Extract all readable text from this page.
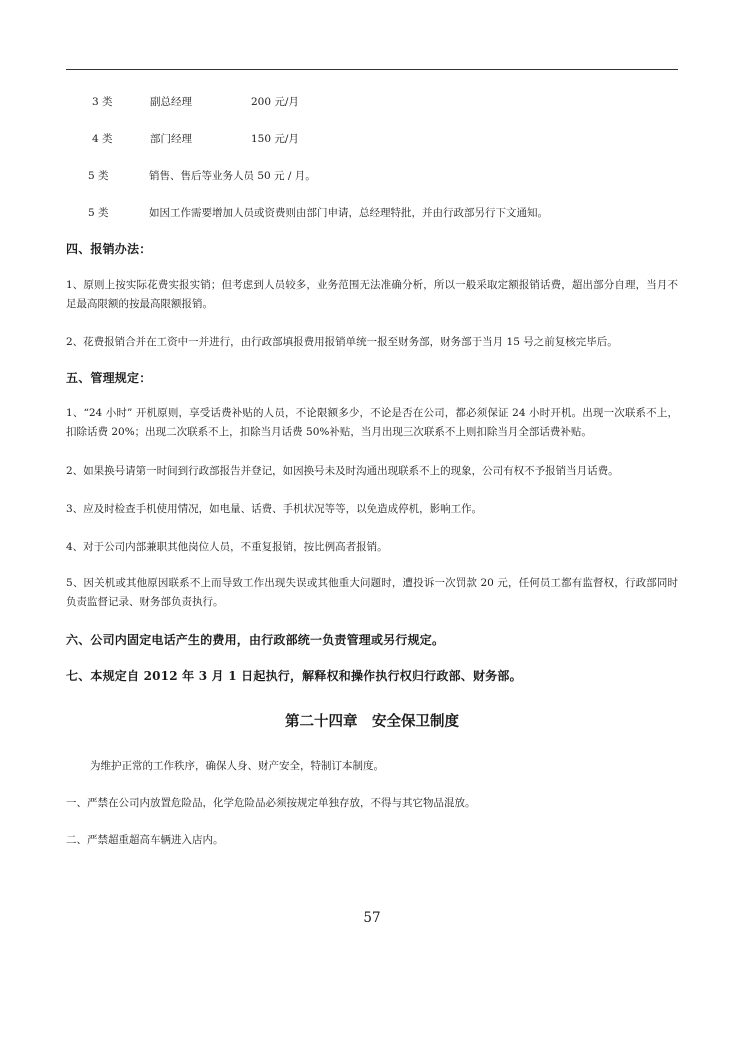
3 类	副总经理	200 元/月
4 类	部门经理	150 元/月
5 类	销售、售后等业务人员 50 元 / 月。
5 类	如因工作需要增加人员或资费则由部门申请，总经理特批，并由行政部另行下文通知。
四、报销办法：
1、原则上按实际花费实报实销；但考虑到人员较多，业务范围无法准确分析，所以一般采取定额报销话费，超出部分自理，当月不足最高限额的按最高限额报销。
2、花费报销合并在工资中一并进行，由行政部填报费用报销单统一报至财务部，财务部于当月 15 号之前复核完毕后。
五、管理规定：
1、“24 小时” 开机原则，享受话费补贴的人员，不论限额多少，不论是否在公司，都必须保证 24 小时开机。出现一次联系不上，扣除话费 20%；出现二次联系不上，扣除当月话费 50%补贴，当月出现三次联系不上则扣除当月全部话费补贴。
2、如果换号请第一时间到行政部报告并登记，如因换号未及时沟通出现联系不上的现象，公司有权不予报销当月话费。
3、应及时检查手机使用情况，如电量、话费、手机状况等等，以免造成停机，影响工作。
4、对于公司内部兼职其他岗位人员，不重复报销，按比例高者报销。
5、因关机或其他原因联系不上而导致工作出现失误或其他重大问题时，遭投诉一次罚款 20 元，任何员工都有监督权，行政部同时负责监督记录、财务部负责执行。
六、公司内固定电话产生的费用，由行政部统一负责管理或另行规定。
七、本规定自 2012 年 3 月 1 日起执行，解释权和操作执行权归行政部、财务部。
第二十四章　安全保卫制度
为维护正常的工作秩序，确保人身、财产安全，特制订本制度。
一、严禁在公司内放置危险品，化学危险品必须按规定单独存放，不得与其它物品混放。
二、严禁超重超高车辆进入店内。
57
